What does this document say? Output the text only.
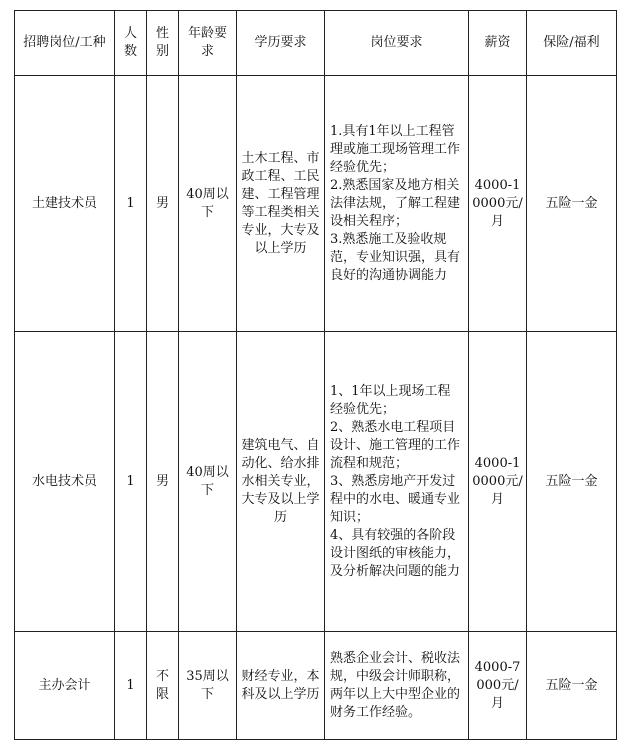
招聘岗位/工种	人数	性别	年龄要求	学历要求	岗位要求	薪资	保险/福利
土建技术员	1	男	40周以下	土木工程、市政工程、工民建、工程管理等工程类相关专业，大专及以上学历	1.具有1年以上工程管理或施工现场管理工作经验优先；
2.熟悉国家及地方相关法律法规，了解工程建设相关程序；
3.熟悉施工及验收规范，专业知识强，具有良好的沟通协调能力	4000-10000元/月	五险一金
水电技术员	1	男	40周以下	建筑电气、自动化、给水排水相关专业，大专及以上学历	1、1年以上现场工程经验优先；
2、熟悉水电工程项目设计、施工管理的工作流程和规范；
3、熟悉房地产开发过程中的水电、暖通专业知识；
4、具有较强的各阶段设计图纸的审核能力，及分析解决问题的能力	4000-10000元/月	五险一金
主办会计	1	不限	35周以下	财经专业，本科及以上学历	熟悉企业会计、税收法规，中级会计师职称，两年以上大中型企业的财务工作经验。	4000-7000元/月	五险一金
